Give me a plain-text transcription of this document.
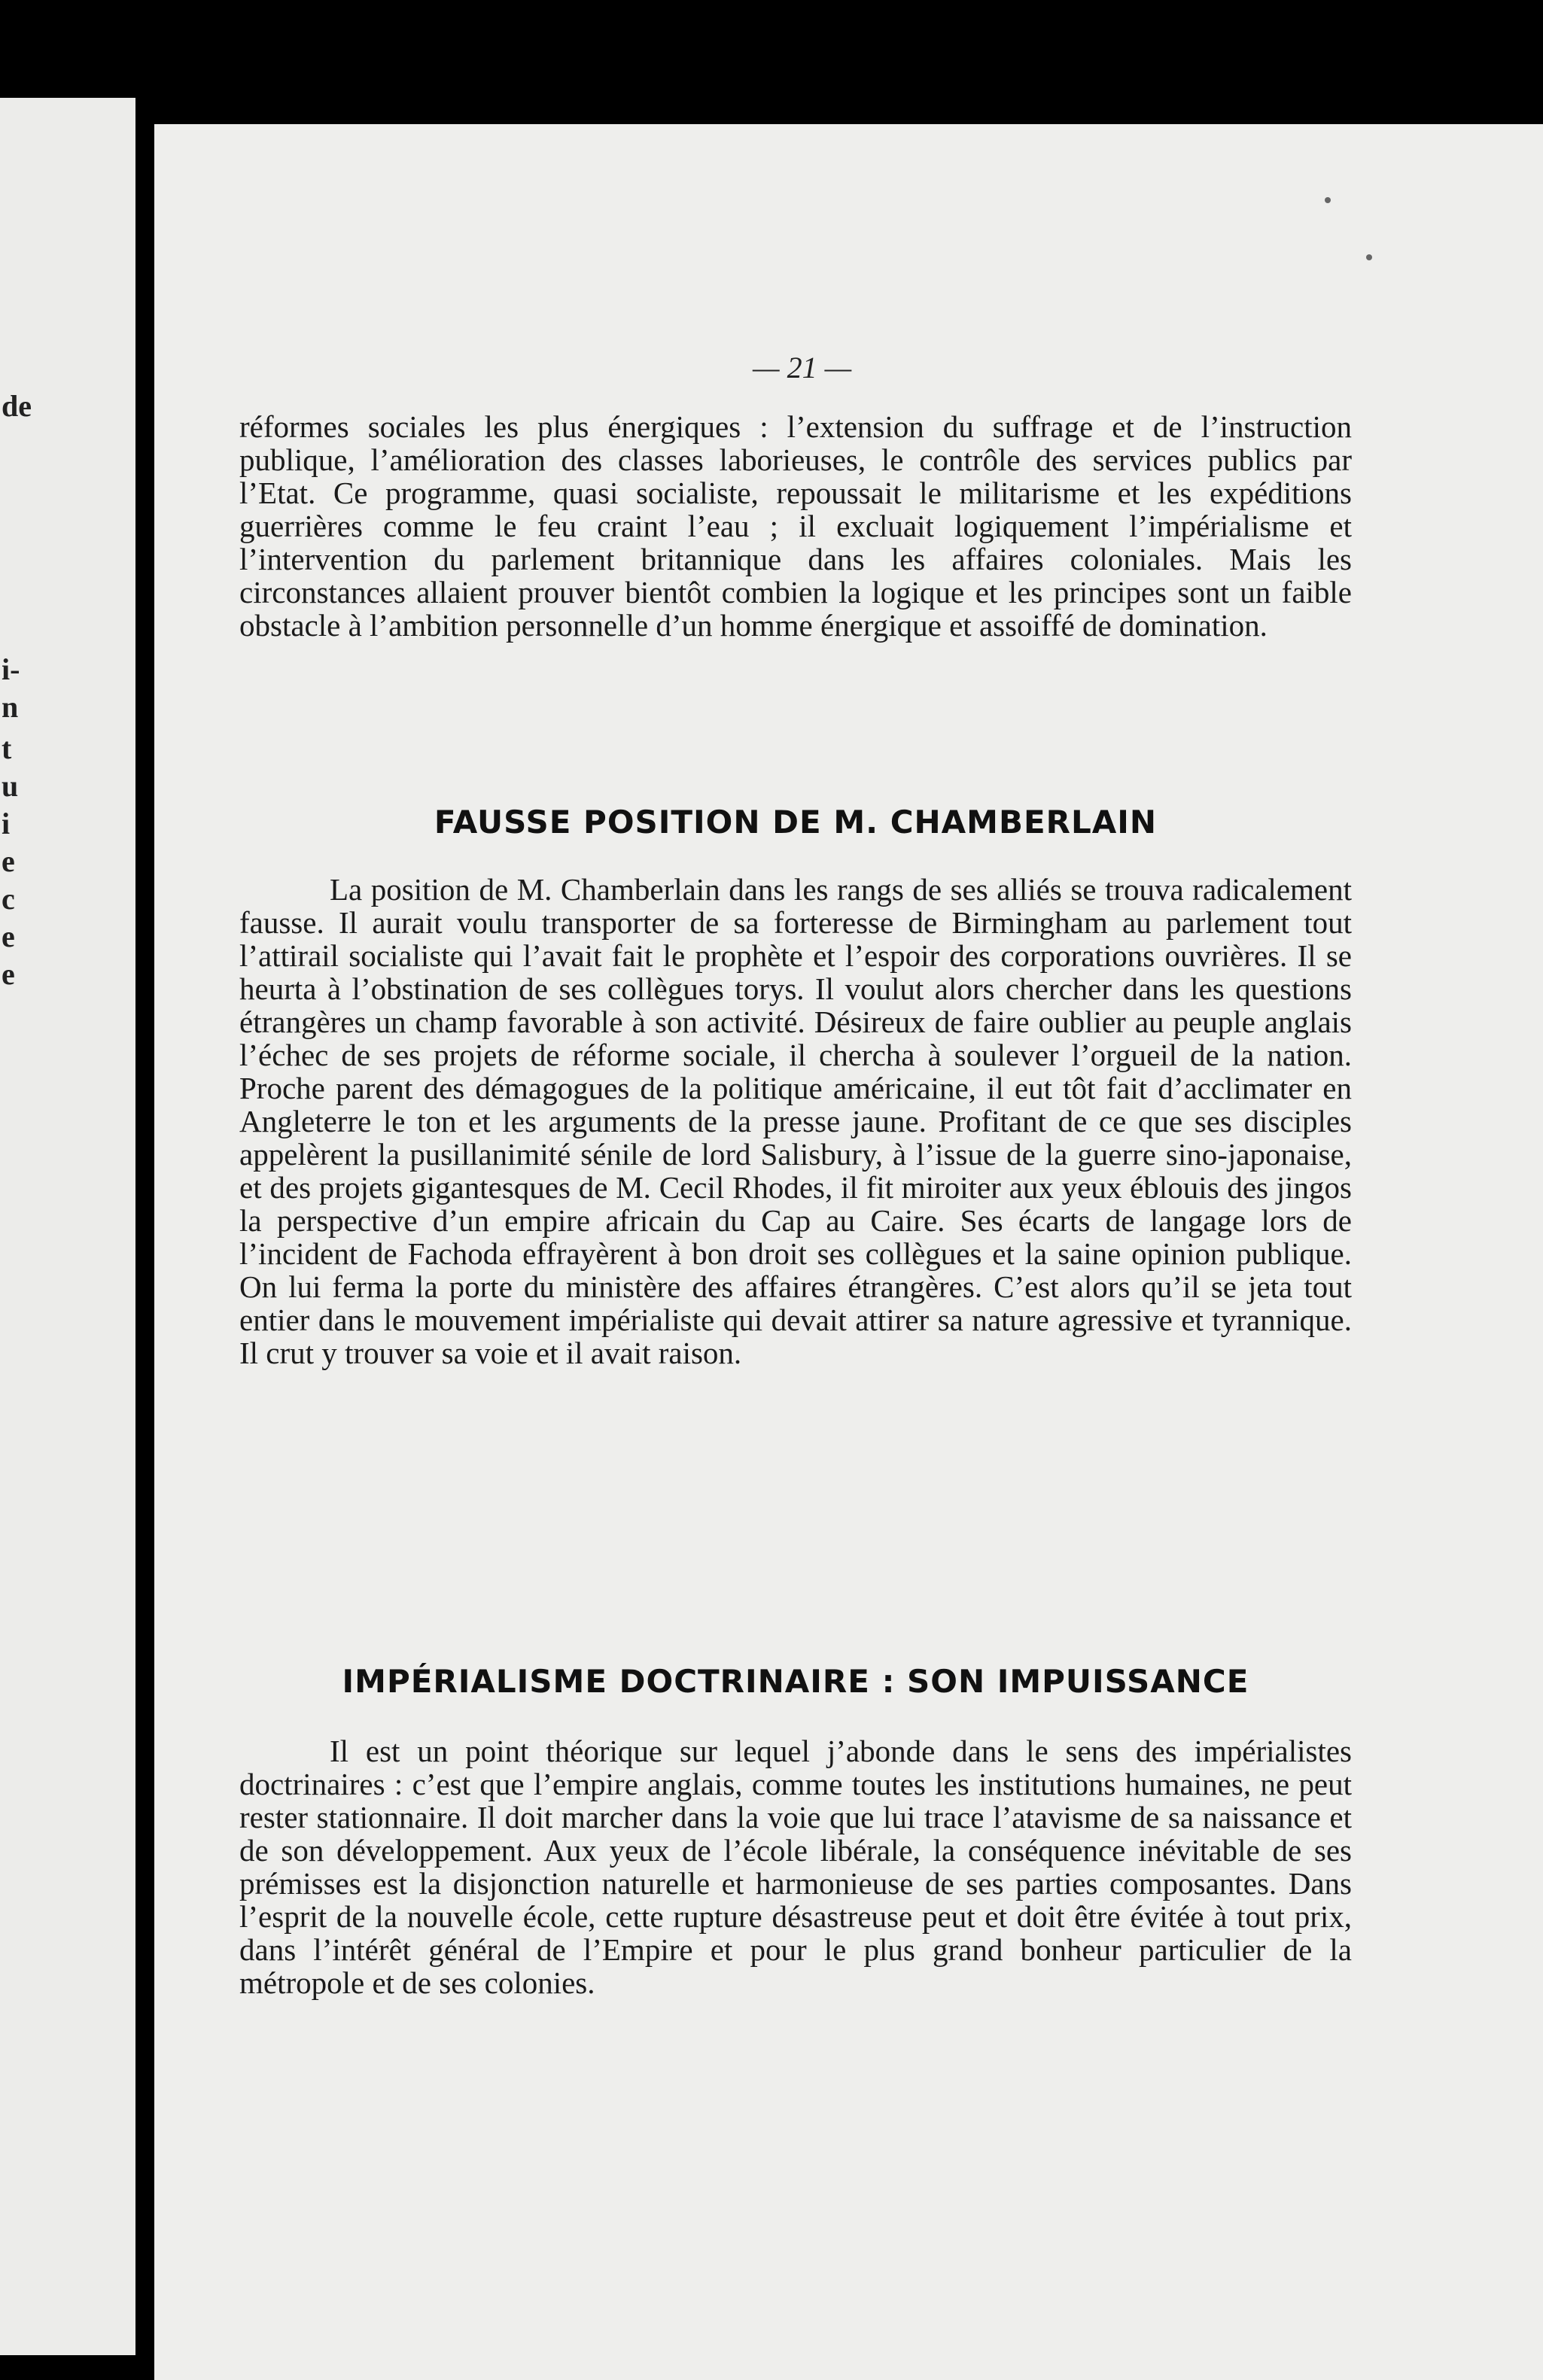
de
i-
n
t
u
i
e
c
e
e
— 21 —

réformes sociales les plus énergiques : l’extension du suffrage et de l’instruction publique, l’amélioration des classes laborieuses, le contrôle des services publics par l’Etat. Ce programme, quasi socialiste, repoussait le militarisme et les expéditions guerrières comme le feu craint l’eau ; il excluait logiquement l’impérialisme et l’intervention du parlement britannique dans les affaires coloniales. Mais les circonstances allaient prouver bientôt combien la logique et les principes sont un faible obstacle à l’ambition personnelle d’un homme énergique et assoiffé de domination.

FAUSSE POSITION DE M. CHAMBERLAIN

La position de M. Chamberlain dans les rangs de ses alliés se trouva radicalement fausse. Il aurait voulu transporter de sa forteresse de Birmingham au parlement tout l’attirail socialiste qui l’avait fait le prophète et l’espoir des corporations ouvrières. Il se heurta à l’obstination de ses collègues torys. Il voulut alors chercher dans les questions étrangères un champ favorable à son activité. Désireux de faire oublier au peuple anglais l’échec de ses projets de réforme sociale, il chercha à soulever l’orgueil de la nation. Proche parent des démagogues de la politique américaine, il eut tôt fait d’acclimater en Angleterre le ton et les arguments de la presse jaune. Profitant de ce que ses disciples appelèrent la pusillanimité sénile de lord Salisbury, à l’issue de la guerre sino-japonaise, et des projets gigantesques de M. Cecil Rhodes, il fit miroiter aux yeux éblouis des jingos la perspective d’un empire africain du Cap au Caire. Ses écarts de langage lors de l’incident de Fachoda effrayèrent à bon droit ses collègues et la saine opinion publique. On lui ferma la porte du ministère des affaires étrangères. C’est alors qu’il se jeta tout entier dans le mouvement impérialiste qui devait attirer sa nature agressive et tyrannique. Il crut y trouver sa voie et il avait raison.

IMPÉRIALISME DOCTRINAIRE : SON IMPUISSANCE

Il est un point théorique sur lequel j’abonde dans le sens des impérialistes doctrinaires : c’est que l’empire anglais, comme toutes les institutions humaines, ne peut rester stationnaire. Il doit marcher dans la voie que lui trace l’atavisme de sa naissance et de son développement. Aux yeux de l’école libérale, la conséquence inévitable de ses prémisses est la disjonction naturelle et harmonieuse de ses parties composantes. Dans l’esprit de la nouvelle école, cette rupture désastreuse peut et doit être évitée à tout prix, dans l’intérêt général de l’Empire et pour le plus grand bonheur particulier de la métropole et de ses colonies.
